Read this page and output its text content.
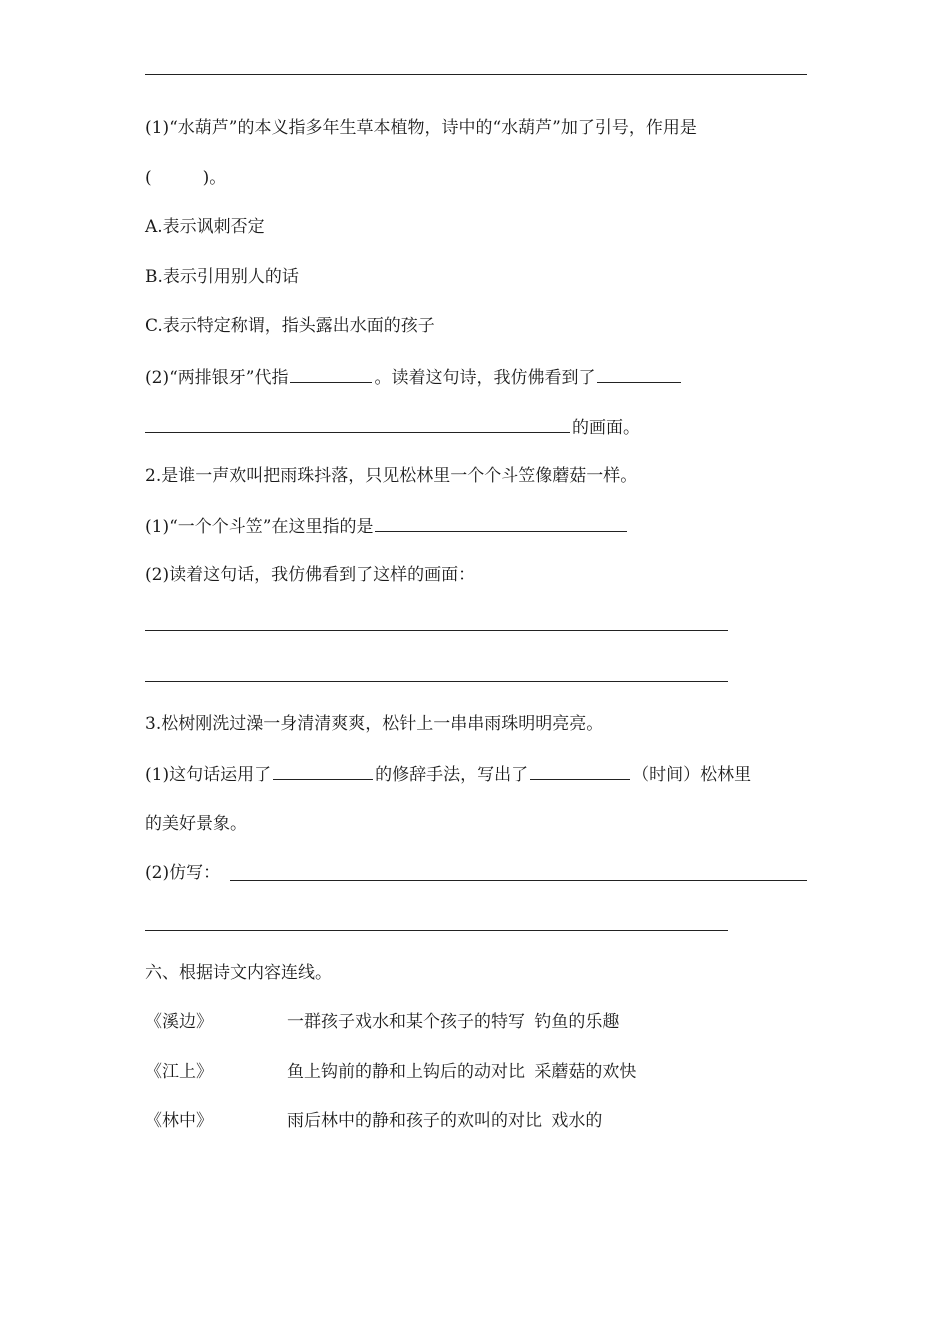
(1)“水葫芦”的本义指多年生草本植物，诗中的“水葫芦”加了引号，作用是
(　　　)。
A.表示讽刺否定
B.表示引用别人的话
C.表示特定称谓，指头露出水面的孩子
(2)“两排银牙”代指	。读着这句诗，我仿佛看到了
的画面。
2.是谁一声欢叫把雨珠抖落，只见松林里一个个斗笠像蘑菇一样。
(1)“一个个斗笠”在这里指的是
(2)读着这句话，我仿佛看到了这样的画面：
3.松树刚洗过澡一身清清爽爽，松针上一串串雨珠明明亮亮。
(1)这句话运用了	的修辞手法，写出了	（时间）松林里
的美好景象。
(2)仿写：
六、根据诗文内容连线。
《溪边》	一群孩子戏水和某个孩子的特写 钓鱼的乐趣
《江上》	鱼上钩前的静和上钩后的动对比 采蘑菇的欢快
《林中》	雨后林中的静和孩子的欢叫的对比 戏水的
